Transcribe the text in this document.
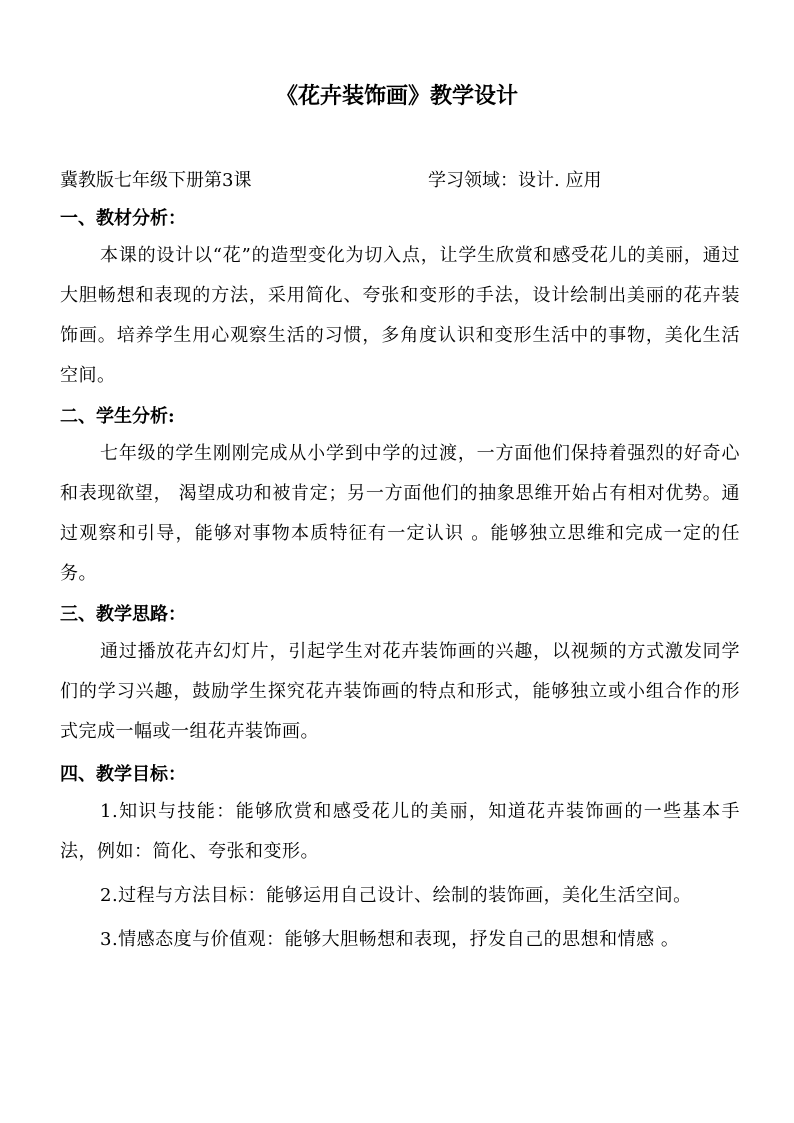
《花卉装饰画》教学设计
冀教版七年级下册第3课	学习领域：设计. 应用

一、教材分析：

本课的设计以“花”的造型变化为切入点，让学生欣赏和感受花儿的美丽，通过大胆畅想和表现的方法，采用简化、夸张和变形的手法，设计绘制出美丽的花卉装饰画。培养学生用心观察生活的习惯，多角度认识和变形生活中的事物，美化生活空间。

二、学生分析:

七年级的学生刚刚完成从小学到中学的过渡，一方面他们保持着强烈的好奇心和表现欲望， 渴望成功和被肯定；另一方面他们的抽象思维开始占有相对优势。通过观察和引导，能够对事物本质特征有一定认识 。能够独立思维和完成一定的任务。

三、教学思路：

通过播放花卉幻灯片，引起学生对花卉装饰画的兴趣，以视频的方式激发同学们的学习兴趣，鼓励学生探究花卉装饰画的特点和形式，能够独立或小组合作的形式完成一幅或一组花卉装饰画。

四、教学目标：

1.知识与技能：能够欣赏和感受花儿的美丽，知道花卉装饰画的一些基本手法，例如：简化、夸张和变形。

2.过程与方法目标：能够运用自己设计、绘制的装饰画，美化生活空间。

3.情感态度与价值观：能够大胆畅想和表现，抒发自己的思想和情感 。
